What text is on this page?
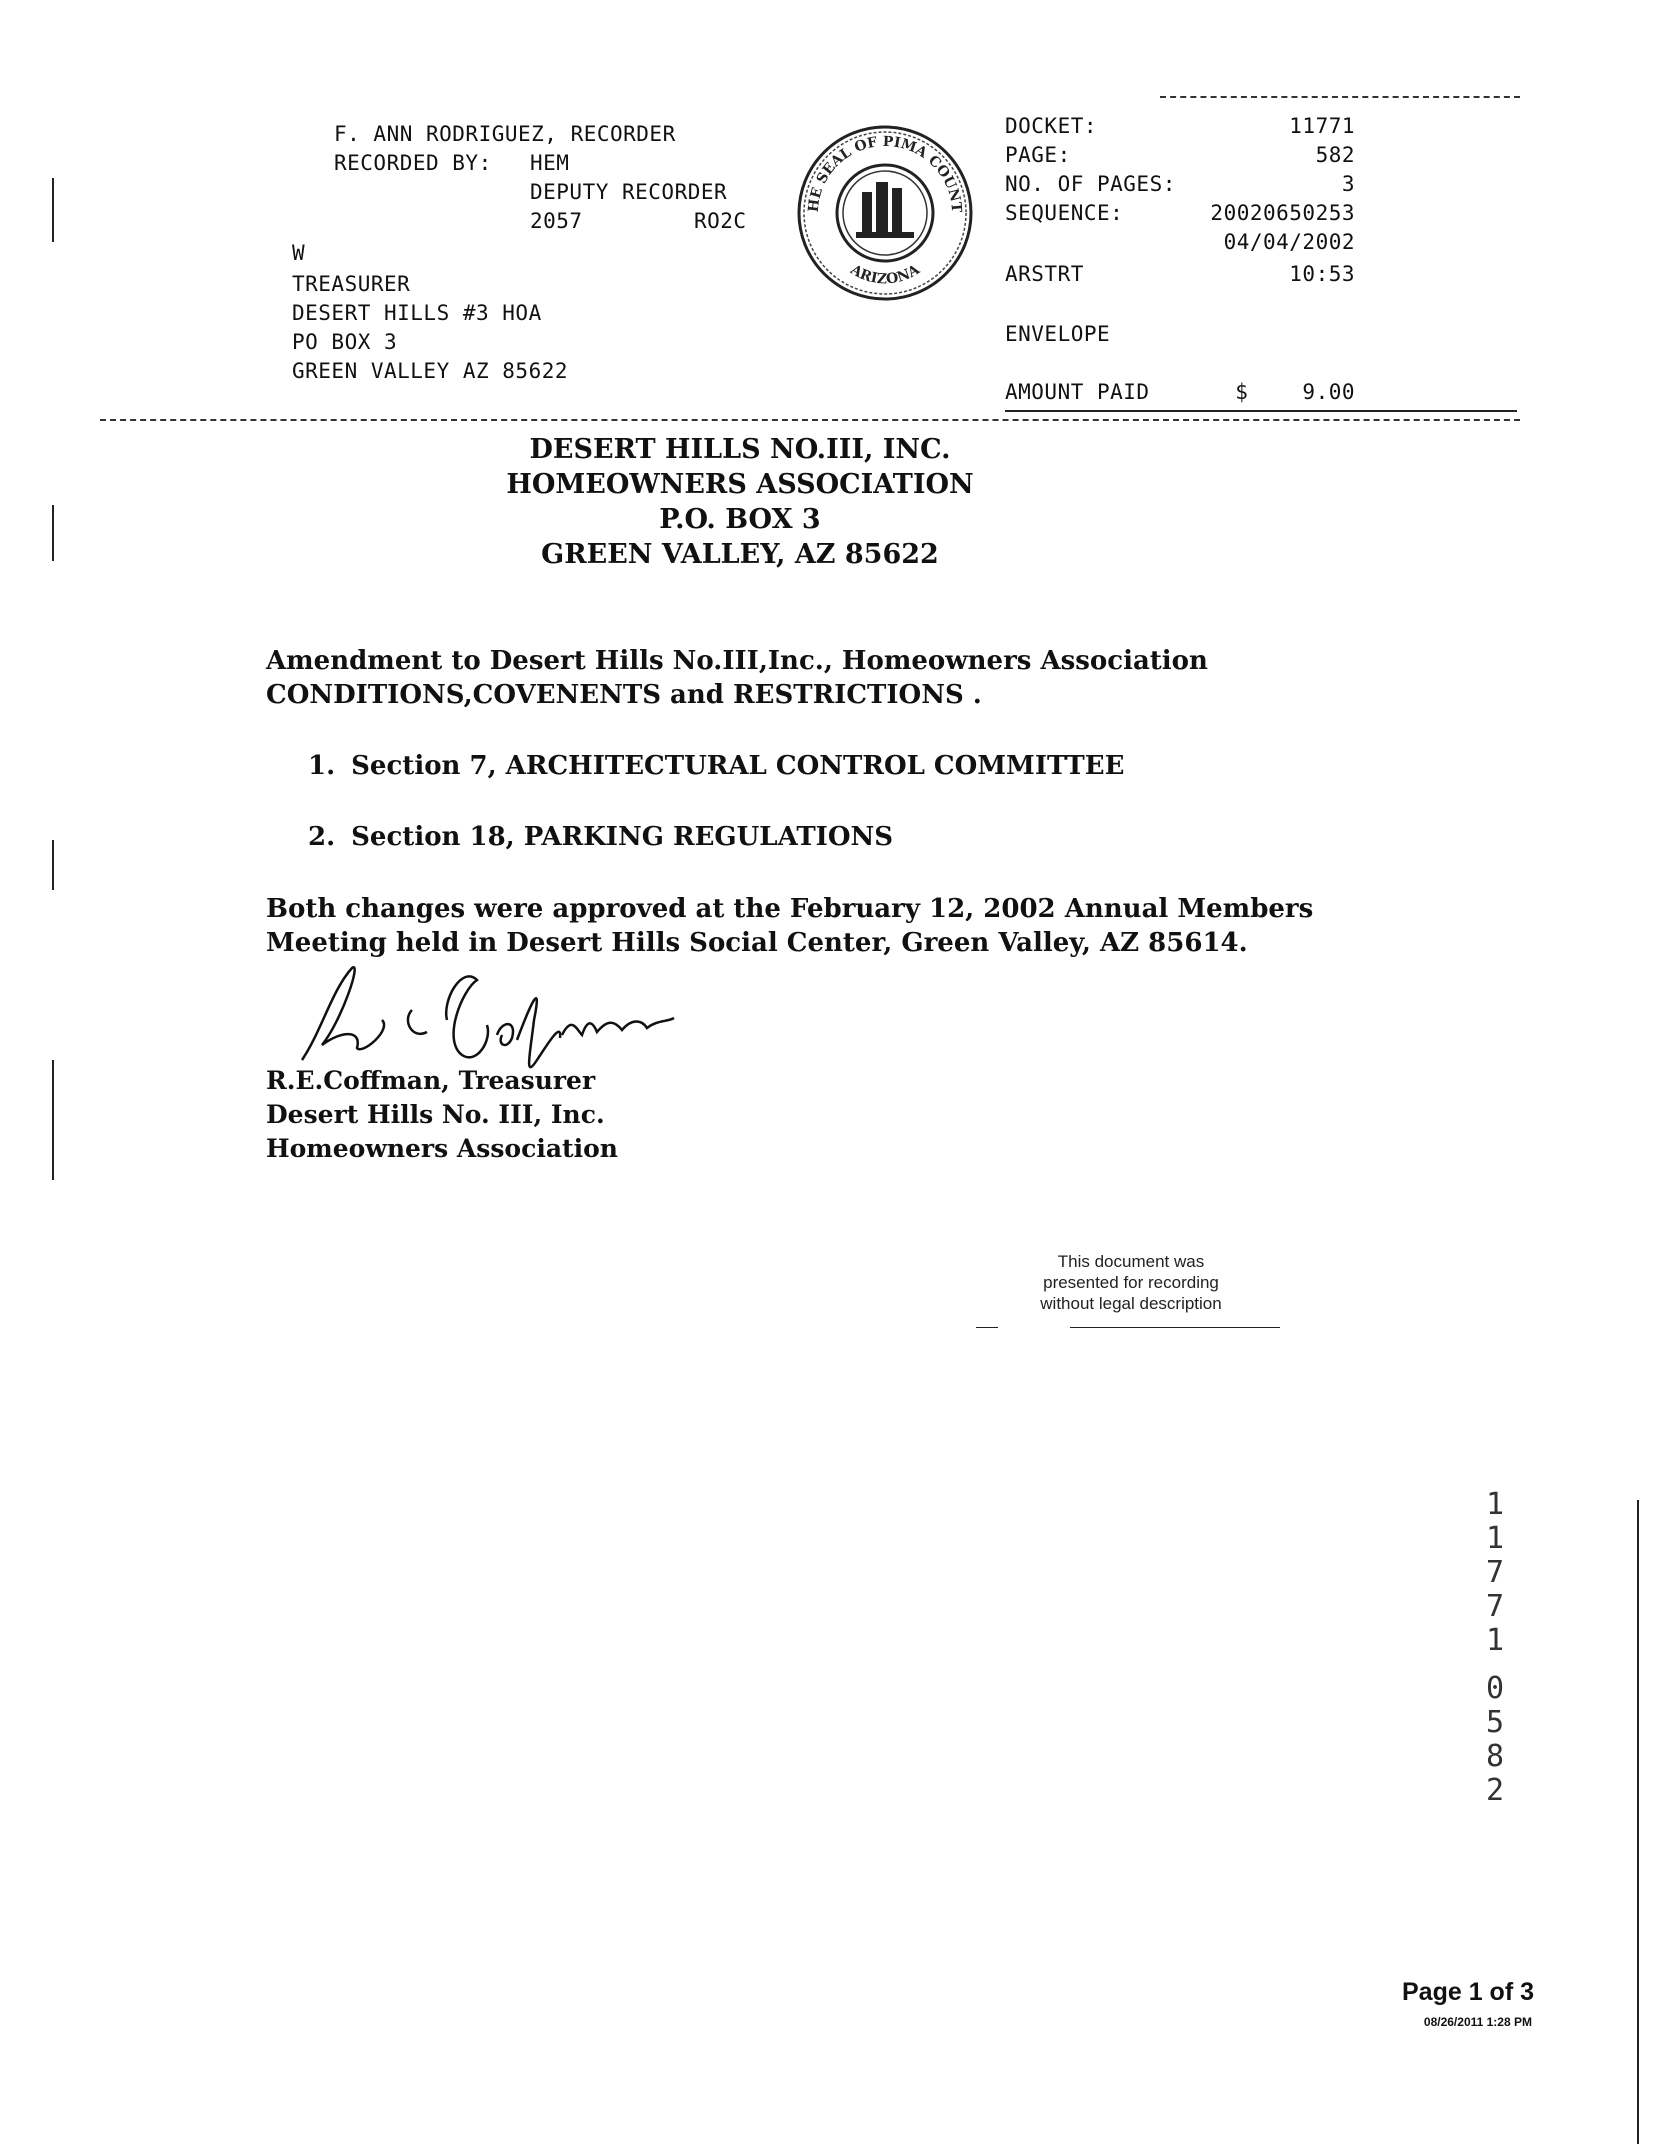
F. ANN RODRIGUEZ, RECORDER
RECORDED BY:	HEM
DEPUTY RECORDER
2057	RO2C
W
TREASURER
DESERT HILLS #3 HOA
PO BOX 3
GREEN VALLEY AZ 85622
HE SEAL OF PIMA COUNT
ARIZONA
DOCKET:	11771
PAGE:	582
NO. OF PAGES:	3
SEQUENCE:	20020650253
04/04/2002
ARSTRT	10:53
ENVELOPE
AMOUNT PAID	$	9.00
DESERT HILLS NO.III, INC.
HOMEOWNERS ASSOCIATION
P.O. BOX 3
GREEN VALLEY, AZ 85622
Amendment to Desert Hills No.III,Inc., Homeowners Association
CONDITIONS,COVENENTS and RESTRICTIONS .
1. Section 7, ARCHITECTURAL CONTROL COMMITTEE
2. Section 18, PARKING REGULATIONS
Both changes were approved at the February 12, 2002 Annual Members
Meeting held in Desert Hills Social Center, Green Valley, AZ 85614.
R.E.Coffman, Treasurer
Desert Hills No. III, Inc.
Homeowners Association
This document was
presented for recording
without legal description
1
1
7
7
1
0
5
8
2
Page 1 of 3
08/26/2011 1:28 PM
